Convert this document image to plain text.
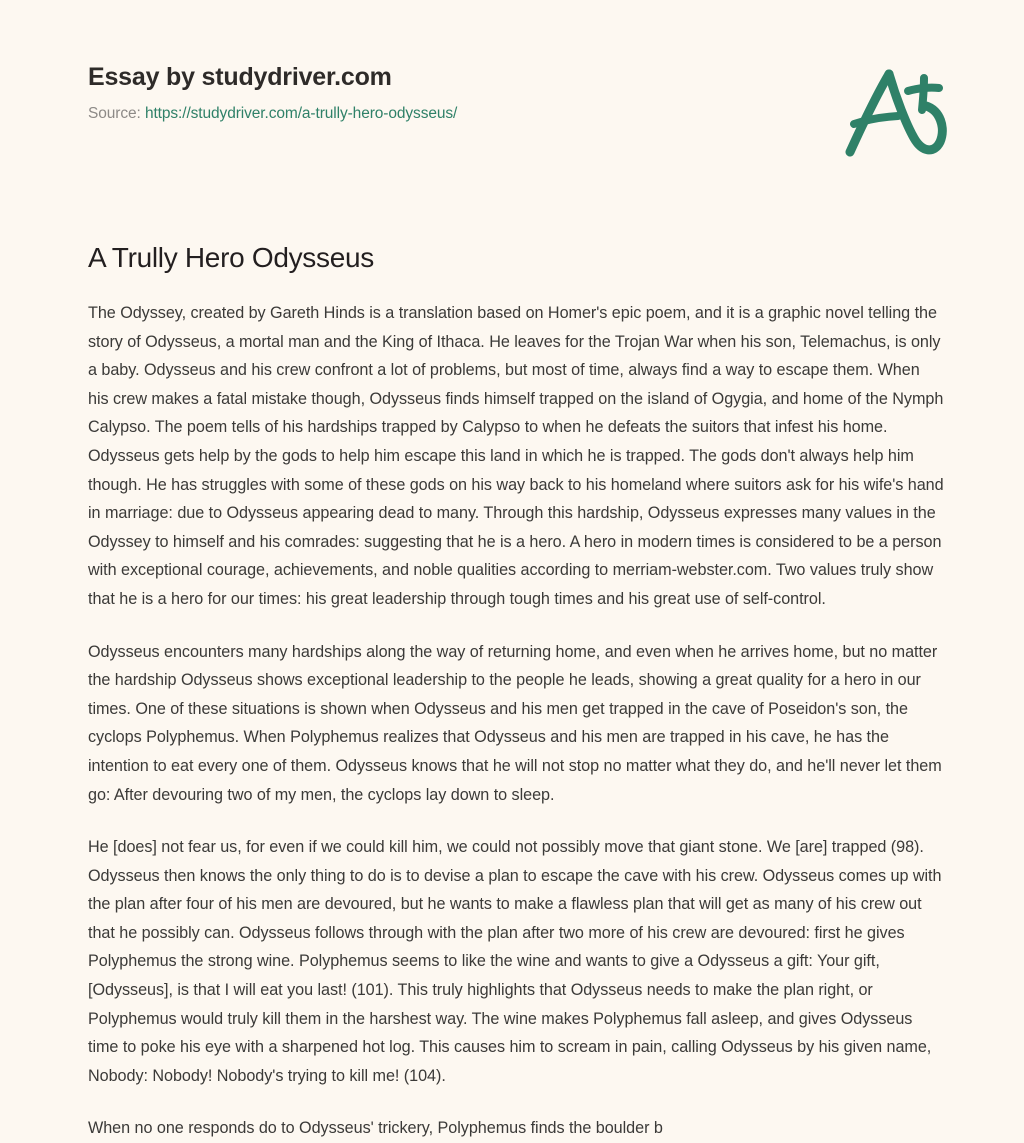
Essay by studydriver.com
Source: https://studydriver.com/a-trully-hero-odysseus/
A Trully Hero Odysseus

The Odyssey, created by Gareth Hinds is a translation based on Homer's epic poem, and it is a graphic novel telling the story of Odysseus, a mortal man and the King of Ithaca. He leaves for the Trojan War when his son, Telemachus, is only a baby. Odysseus and his crew confront a lot of problems, but most of time, always find a way to escape them. When his crew makes a fatal mistake though, Odysseus finds himself trapped on the island of Ogygia, and home of the Nymph Calypso. The poem tells of his hardships trapped by Calypso to when he defeats the suitors that infest his home. Odysseus gets help by the gods to help him escape this land in which he is trapped. The gods don't always help him though. He has struggles with some of these gods on his way back to his homeland where suitors ask for his wife's hand in marriage: due to Odysseus appearing dead to many. Through this hardship, Odysseus expresses many values in the Odyssey to himself and his comrades: suggesting that he is a hero. A hero in modern times is considered to be a person with exceptional courage, achievements, and noble qualities according to merriam-webster.com. Two values truly show that he is a hero for our times: his great leadership through tough times and his great use of self-control.

Odysseus encounters many hardships along the way of returning home, and even when he arrives home, but no matter the hardship Odysseus shows exceptional leadership to the people he leads, showing a great quality for a hero in our times. One of these situations is shown when Odysseus and his men get trapped in the cave of Poseidon's son, the cyclops Polyphemus. When Polyphemus realizes that Odysseus and his men are trapped in his cave, he has the intention to eat every one of them. Odysseus knows that he will not stop no matter what they do, and he'll never let them go: After devouring two of my men, the cyclops lay down to sleep.

He [does] not fear us, for even if we could kill him, we could not possibly move that giant stone. We [are] trapped (98). Odysseus then knows the only thing to do is to devise a plan to escape the cave with his crew. Odysseus comes up with the plan after four of his men are devoured, but he wants to make a flawless plan that will get as many of his crew out that he possibly can. Odysseus follows through with the plan after two more of his crew are devoured: first he gives Polyphemus the strong wine. Polyphemus seems to like the wine and wants to give a Odysseus a gift: Your gift, [Odysseus], is that I will eat you last! (101). This truly highlights that Odysseus needs to make the plan right, or Polyphemus would truly kill them in the harshest way. The wine makes Polyphemus fall asleep, and gives Odysseus time to poke his eye with a sharpened hot log. This causes him to scream in pain, calling Odysseus by his given name, Nobody: Nobody! Nobody's trying to kill me! (104).

When no one responds do to Odysseus' trickery, Polyphemus finds the boulder b
